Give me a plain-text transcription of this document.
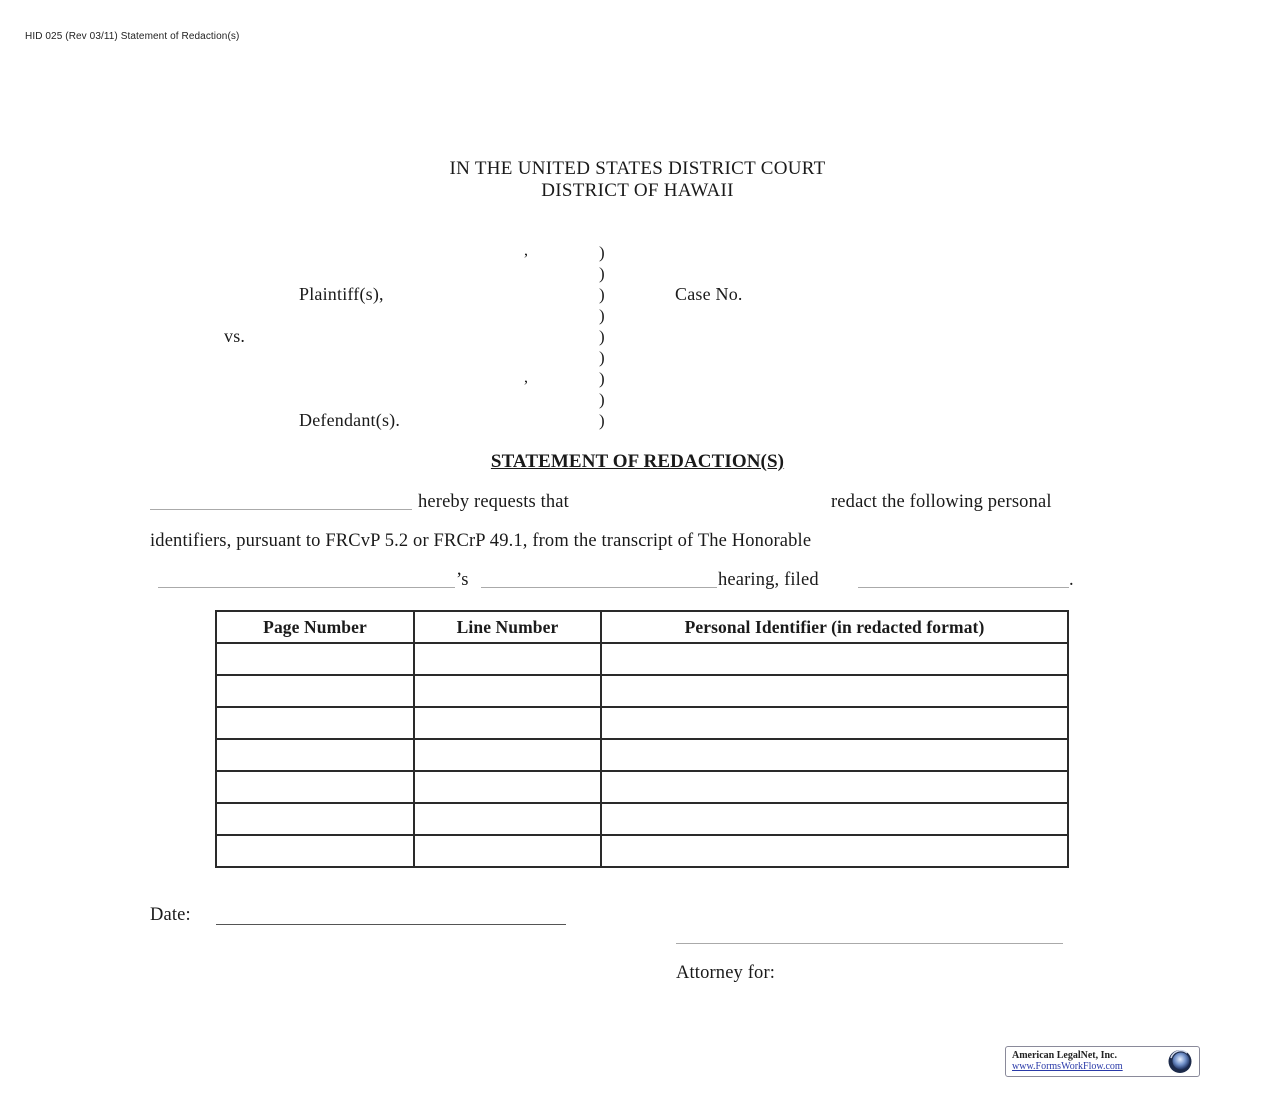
HID 025 (Rev 03/11) Statement of Redaction(s)
IN THE UNITED STATES DISTRICT COURT
DISTRICT OF HAWAII
,
,
Plaintiff(s),
vs.
Defendant(s).
Case No.
)
)
)
)
)
)
)
)
)
STATEMENT OF REDACTION(S)
hereby requests that	redact the following personal
identifiers, pursuant to FRCvP 5.2 or FRCrP 49.1, from the transcript of The Honorable
’s	hearing, filed	.
Page Number	Line Number	Personal Identifier (in redacted format)

Date:
Attorney for:
American LegalNet, Inc.
www.FormsWorkFlow.com
